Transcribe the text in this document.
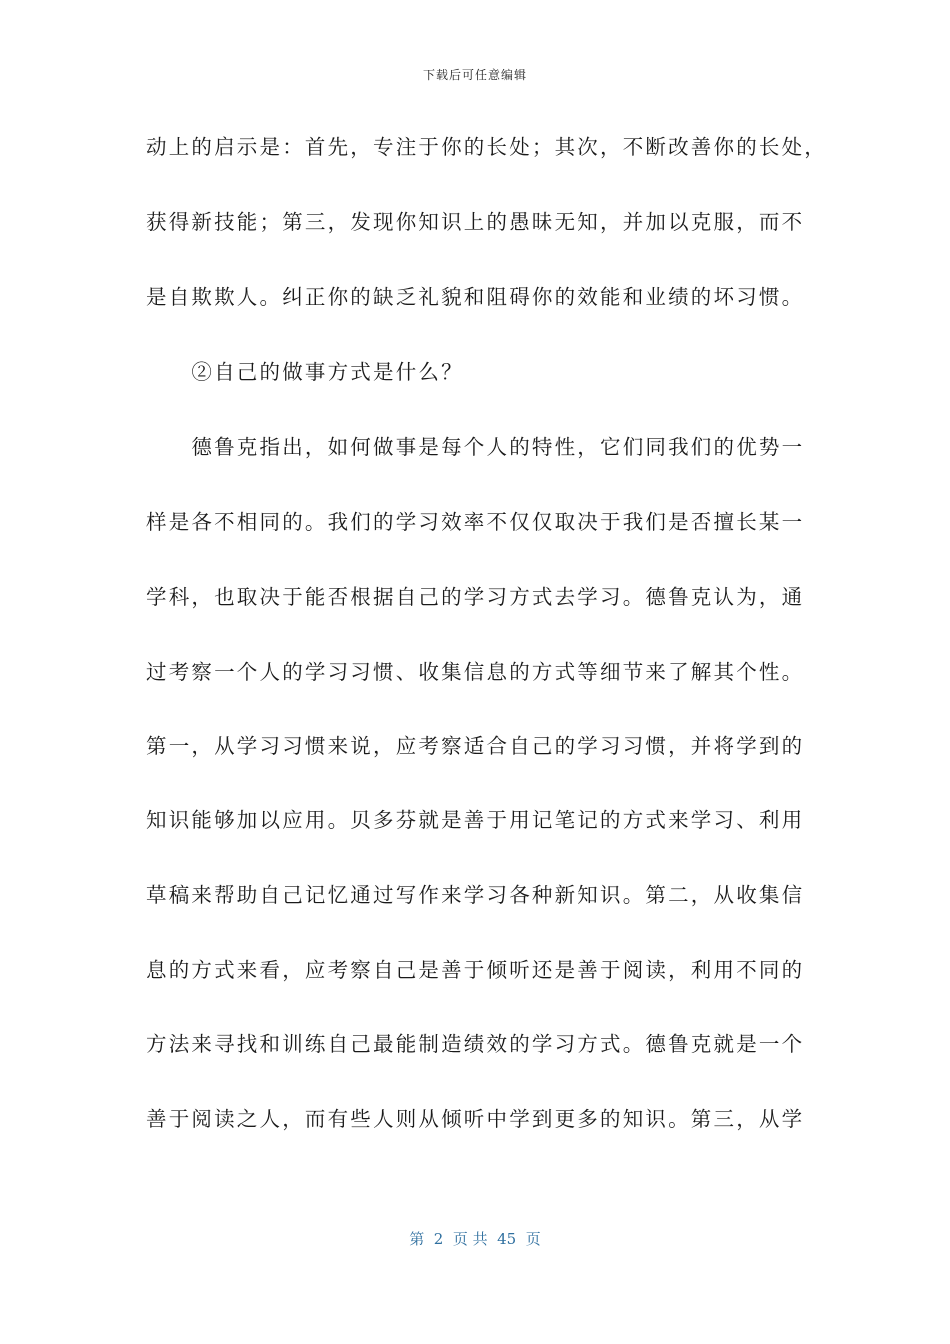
下载后可任意编辑
动上的启示是：首先，专注于你的长处；其次，不断改善你的长处，
获得新技能；第三，发现你知识上的愚昧无知，并加以克服，而不
是自欺欺人。纠正你的缺乏礼貌和阻碍你的效能和业绩的坏习惯。
　　②自己的做事方式是什么？
　　德鲁克指出，如何做事是每个人的特性，它们同我们的优势一
样是各不相同的。我们的学习效率不仅仅取决于我们是否擅长某一
学科，也取决于能否根据自己的学习方式去学习。德鲁克认为，通
过考察一个人的学习习惯、收集信息的方式等细节来了解其个性。
第一，从学习习惯来说，应考察适合自己的学习习惯，并将学到的
知识能够加以应用。贝多芬就是善于用记笔记的方式来学习、利用
草稿来帮助自己记忆通过写作来学习各种新知识。第二，从收集信
息的方式来看，应考察自己是善于倾听还是善于阅读，利用不同的
方法来寻找和训练自己最能制造绩效的学习方式。德鲁克就是一个
善于阅读之人，而有些人则从倾听中学到更多的知识。第三，从学
第  2  页 共  45  页
